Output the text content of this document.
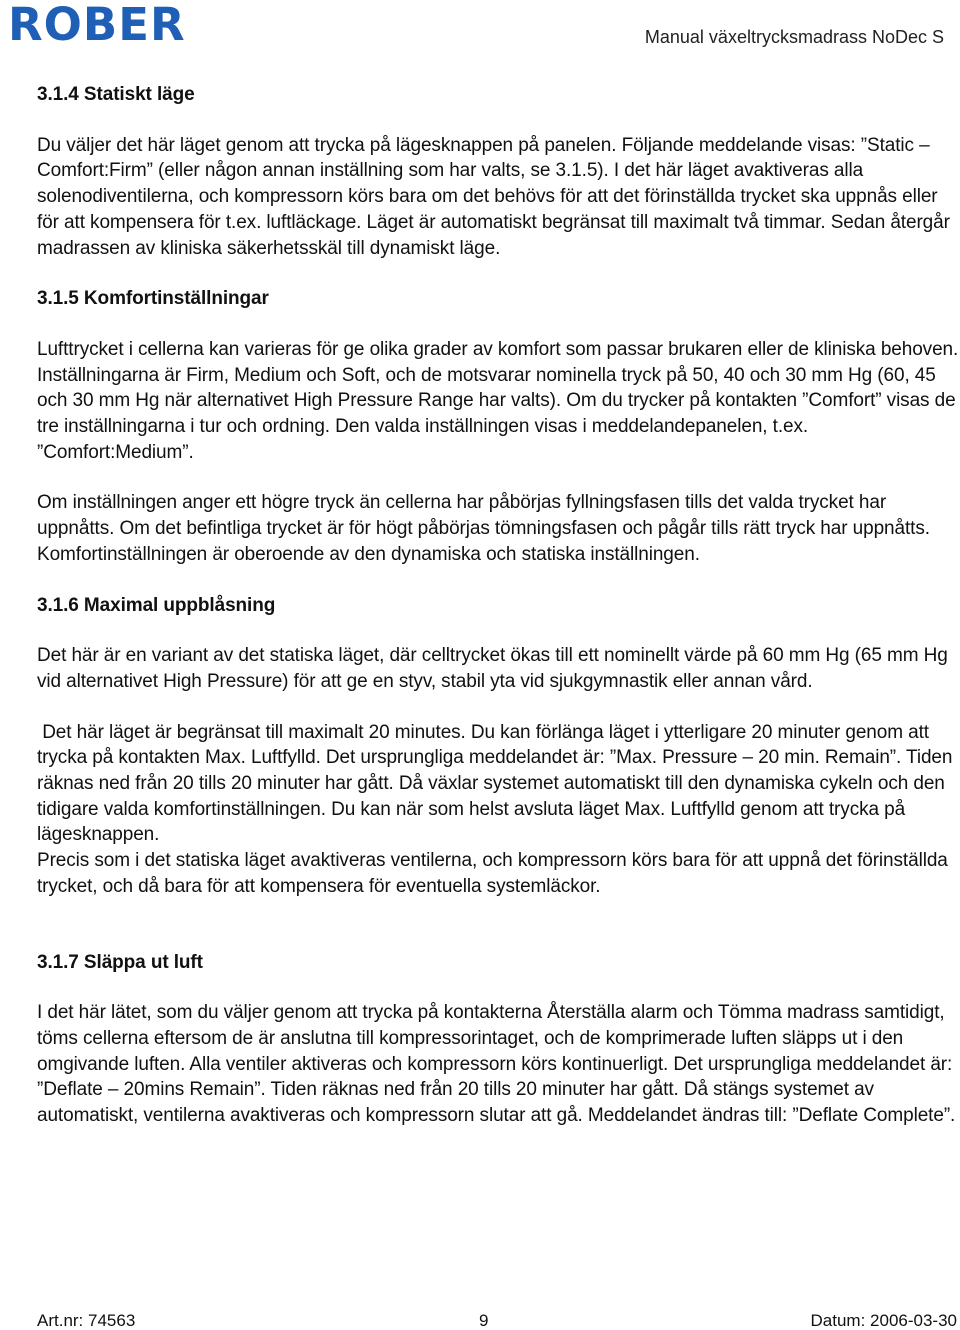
ROBER	Manual växeltrycksmadrass NoDec S
3.1.4 Statiskt läge

Du väljer det här läget genom att trycka på lägesknappen på panelen. Följande meddelande visas: ”Static – Comfort:Firm” (eller någon annan inställning som har valts, se 3.1.5). I det här läget avaktiveras alla solenodiventilerna, och kompressorn körs bara om det behövs för att det förinställda trycket ska uppnås eller för att kompensera för t.ex. luftläckage. Läget är automatiskt begränsat till maximalt två timmar. Sedan återgår madrassen av kliniska säkerhetsskäl till dynamiskt läge.

3.1.5 Komfortinställningar

Lufttrycket i cellerna kan varieras för ge olika grader av komfort som passar brukaren eller de kliniska behoven. Inställningarna är Firm, Medium och Soft, och de motsvarar nominella tryck på 50, 40 och 30 mm Hg (60, 45 och 30 mm Hg när alternativet High Pressure Range har valts). Om du trycker på kontakten ”Comfort” visas de tre inställningarna i tur och ordning. Den valda inställningen visas i meddelandepanelen, t.ex. ”Comfort:Medium”.

Om inställningen anger ett högre tryck än cellerna har påbörjas fyllningsfasen tills det valda trycket har uppnåtts. Om det befintliga trycket är för högt påbörjas tömningsfasen och pågår tills rätt tryck har uppnåtts.

Komfortinställningen är oberoende av den dynamiska och statiska inställningen.

3.1.6 Maximal uppblåsning

Det här är en variant av det statiska läget, där celltrycket ökas till ett nominellt värde på 60 mm Hg (65 mm Hg vid alternativet High Pressure) för att ge en styv, stabil yta vid sjukgymnastik eller annan vård.

Det här läget är begränsat till maximalt 20 minutes. Du kan förlänga läget i ytterligare 20 minuter genom att trycka på kontakten Max. Luftfylld. Det ursprungliga meddelandet är: ”Max. Pressure – 20 min. Remain”. Tiden räknas ned från 20 tills 20 minuter har gått. Då växlar systemet automatiskt till den dynamiska cykeln och den tidigare valda komfortinställningen. Du kan när som helst avsluta läget Max. Luftfylld genom att trycka på lägesknappen.

Precis som i det statiska läget avaktiveras ventilerna, och kompressorn körs bara för att uppnå det förinställda trycket, och då bara för att kompensera för eventuella systemläckor.

3.1.7 Släppa ut luft

I det här lätet, som du väljer genom att trycka på kontakterna Återställa alarm och Tömma madrass samtidigt, töms cellerna eftersom de är anslutna till kompressorintaget, och de komprimerade luften släpps ut i den omgivande luften. Alla ventiler aktiveras och kompressorn körs kontinuerligt. Det ursprungliga meddelandet är: ”Deflate – 20mins Remain”. Tiden räknas ned från 20 tills 20 minuter har gått. Då stängs systemet av automatiskt, ventilerna avaktiveras och kompressorn slutar att gå. Meddelandet ändras till: ”Deflate Complete”.

Art.nr: 74563	9	Datum: 2006-03-30
